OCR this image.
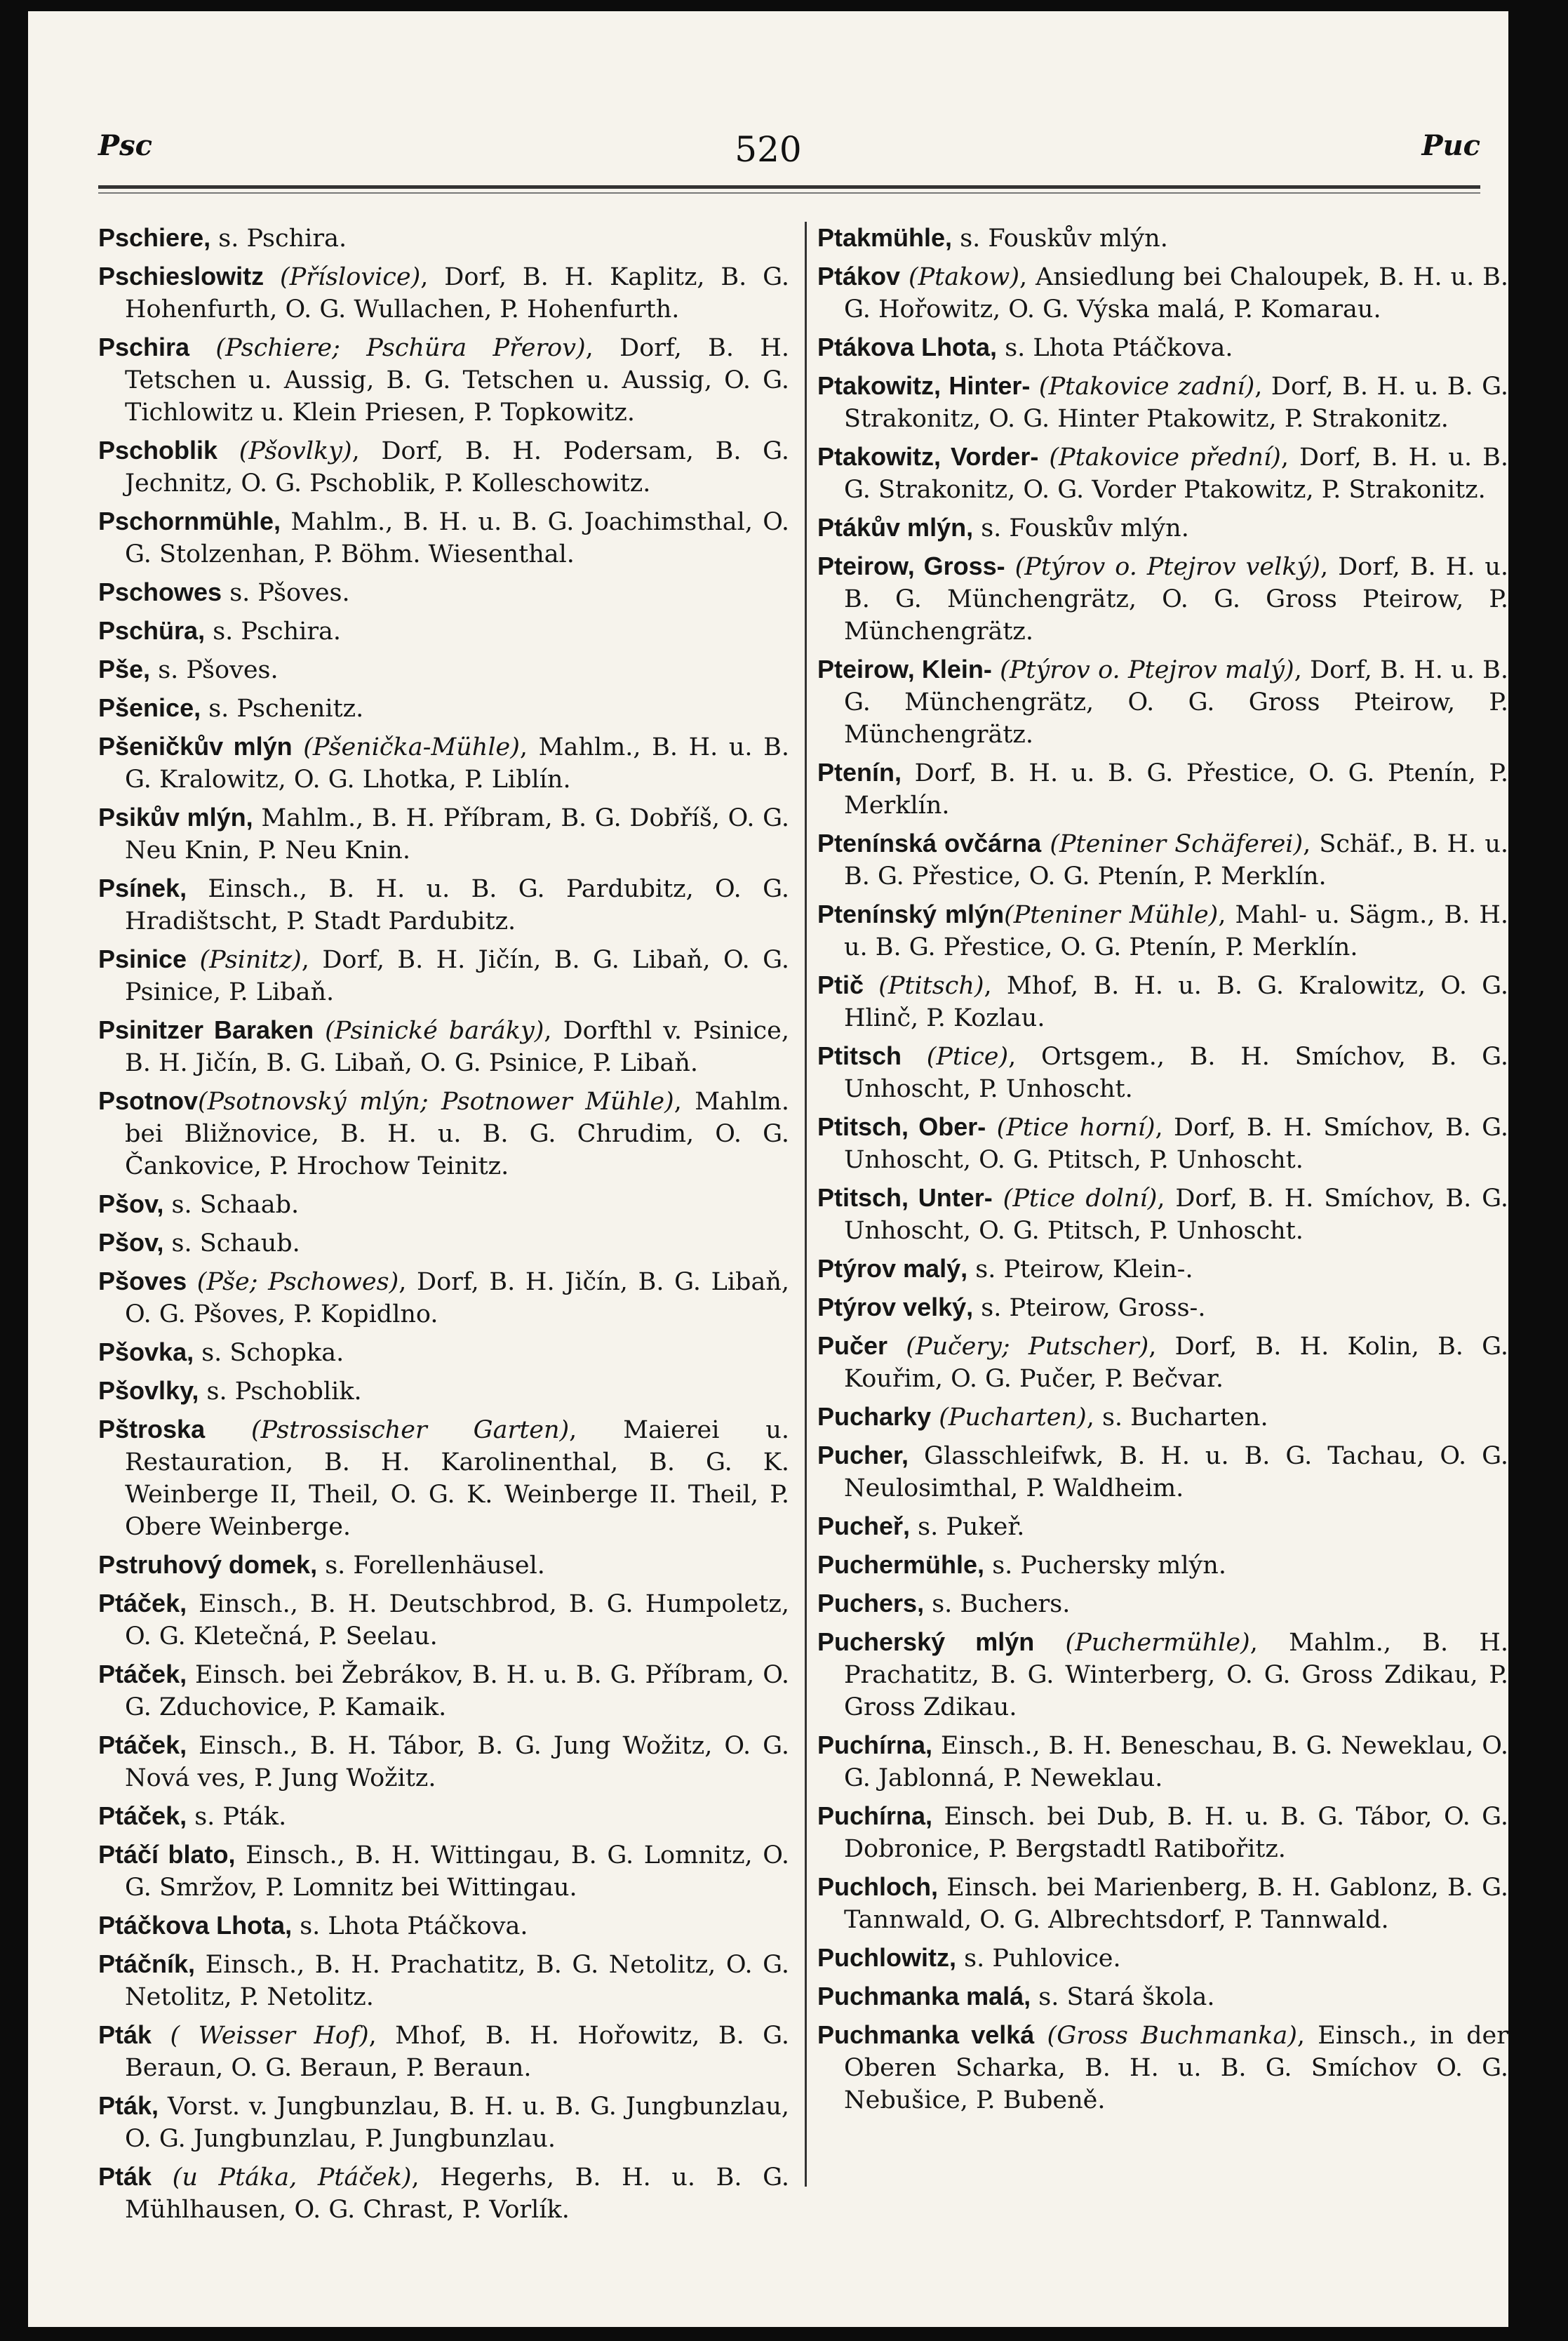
Psc	520	Puc
Pschiere, s. Pschira.
Pschieslowitz (Příslovice), Dorf, B. H. Kaplitz, B. G. Hohenfurth, O. G. Wullachen, P. Hohenfurth.
Pschira (Pschiere; Pschüra Přerov), Dorf, B. H. Tetschen u. Aussig, B. G. Tetschen u. Aussig, O. G. Tichlowitz u. Klein Priesen, P. Topkowitz.
Pschoblik (Pšovlky), Dorf, B. H. Podersam, B. G. Jechnitz, O. G. Pschoblik, P. Kolleschowitz.
Pschornmühle, Mahlm., B. H. u. B. G. Joachimsthal, O. G. Stolzenhan, P. Böhm. Wiesenthal.
Pschowes s. Pšoves.
Pschüra, s. Pschira.
Pše, s. Pšoves.
Pšenice, s. Pschenitz.
Pšeničkův mlýn (Pšenička-Mühle), Mahlm., B. H. u. B. G. Kralowitz, O. G. Lhotka, P. Liblín.
Psikův mlýn, Mahlm., B. H. Příbram, B. G. Dobříš, O. G. Neu Knin, P. Neu Knin.
Psínek, Einsch., B. H. u. B. G. Pardubitz, O. G. Hradištscht, P. Stadt Pardubitz.
Psinice (Psinitz), Dorf, B. H. Jičín, B. G. Libaň, O. G. Psinice, P. Libaň.
Psinitzer Baraken (Psinické baráky), Dorfthl v. Psinice, B. H. Jičín, B. G. Libaň, O. G. Psinice, P. Libaň.
Psotnov(Psotnovský mlýn; Psotnower Mühle), Mahlm. bei Bližnovice, B. H. u. B. G. Chrudim, O. G. Čankovice, P. Hrochow Teinitz.
Pšov, s. Schaab.
Pšov, s. Schaub.
Pšoves (Pše; Pschowes), Dorf, B. H. Jičín, B. G. Libaň, O. G. Pšoves, P. Kopidlno.
Pšovka, s. Schopka.
Pšovlky, s. Pschoblik.
Pštroska (Pstrossischer Garten), Maierei u. Restauration, B. H. Karolinenthal, B. G. K. Weinberge II, Theil, O. G. K. Weinberge II. Theil, P. Obere Weinberge.
Pstruhový domek, s. Forellenhäusel.
Ptáček, Einsch., B. H. Deutschbrod, B. G. Humpoletz, O. G. Kletečná, P. Seelau.
Ptáček, Einsch. bei Žebrákov, B. H. u. B. G. Příbram, O. G. Zduchovice, P. Kamaik.
Ptáček, Einsch., B. H. Tábor, B. G. Jung Wožitz, O. G. Nová ves, P. Jung Wožitz.
Ptáček, s. Pták.
Ptáčí blato, Einsch., B. H. Wittingau, B. G. Lomnitz, O. G. Smržov, P. Lomnitz bei Wittingau.
Ptáčkova Lhota, s. Lhota Ptáčkova.
Ptáčník, Einsch., B. H. Prachatitz, B. G. Netolitz, O. G. Netolitz, P. Netolitz.
Pták ( Weisser Hof), Mhof, B. H. Hořowitz, B. G. Beraun, O. G. Beraun, P. Beraun.
Pták, Vorst. v. Jungbunzlau, B. H. u. B. G. Jungbunzlau, O. G. Jungbunzlau, P. Jungbunzlau.
Pták (u Ptáka, Ptáček), Hegerhs, B. H. u. B. G. Mühlhausen, O. G. Chrast, P. Vorlík.
Ptakmühle, s. Fouskův mlýn.
Ptákov (Ptakow), Ansiedlung bei Chaloupek, B. H. u. B. G. Hořowitz, O. G. Výska malá, P. Komarau.
Ptákova Lhota, s. Lhota Ptáčkova.
Ptakowitz, Hinter- (Ptakovice zadní), Dorf, B. H. u. B. G. Strakonitz, O. G. Hinter Ptakowitz, P. Strakonitz.
Ptakowitz, Vorder- (Ptakovice přední), Dorf, B. H. u. B. G. Strakonitz, O. G. Vorder Ptakowitz, P. Strakonitz.
Ptákův mlýn, s. Fouskův mlýn.
Pteirow, Gross- (Ptýrov o. Ptejrov velký), Dorf, B. H. u. B. G. Münchengrätz, O. G. Gross Pteirow, P. Münchengrätz.
Pteirow, Klein- (Ptýrov o. Ptejrov malý), Dorf, B. H. u. B. G. Münchengrätz, O. G. Gross Pteirow, P. Münchengrätz.
Ptenín, Dorf, B. H. u. B. G. Přestice, O. G. Ptenín, P. Merklín.
Ptenínská ovčárna (Pteniner Schäferei), Schäf., B. H. u. B. G. Přestice, O. G. Ptenín, P. Merklín.
Ptenínský mlýn(Pteniner Mühle), Mahl- u. Sägm., B. H. u. B. G. Přestice, O. G. Ptenín, P. Merklín.
Ptič (Ptitsch), Mhof, B. H. u. B. G. Kralowitz, O. G. Hlinč, P. Kozlau.
Ptitsch (Ptice), Ortsgem., B. H. Smíchov, B. G. Unhoscht, P. Unhoscht.
Ptitsch, Ober- (Ptice horní), Dorf, B. H. Smíchov, B. G. Unhoscht, O. G. Ptitsch, P. Unhoscht.
Ptitsch, Unter- (Ptice dolní), Dorf, B. H. Smíchov, B. G. Unhoscht, O. G. Ptitsch, P. Unhoscht.
Ptýrov malý, s. Pteirow, Klein-.
Ptýrov velký, s. Pteirow, Gross-.
Pučer (Pučery; Putscher), Dorf, B. H. Kolin, B. G. Kouřim, O. G. Pučer, P. Bečvar.
Pucharky (Pucharten), s. Bucharten.
Pucher, Glasschleifwk, B. H. u. B. G. Tachau, O. G. Neulosimthal, P. Waldheim.
Pucheř, s. Pukeř.
Puchermühle, s. Puchersky mlýn.
Puchers, s. Buchers.
Pucherský mlýn (Puchermühle), Mahlm., B. H. Prachatitz, B. G. Winterberg, O. G. Gross Zdikau, P. Gross Zdikau.
Puchírna, Einsch., B. H. Beneschau, B. G. Neweklau, O. G. Jablonná, P. Neweklau.
Puchírna, Einsch. bei Dub, B. H. u. B. G. Tábor, O. G. Dobronice, P. Bergstadtl Ratibořitz.
Puchloch, Einsch. bei Marienberg, B. H. Gablonz, B. G. Tannwald, O. G. Albrechtsdorf, P. Tannwald.
Puchlowitz, s. Puhlovice.
Puchmanka malá, s. Stará škola.
Puchmanka velká (Gross Buchmanka), Einsch., in der Oberen Scharka, B. H. u. B. G. Smíchov O. G. Nebušice, P. Bubeně.
